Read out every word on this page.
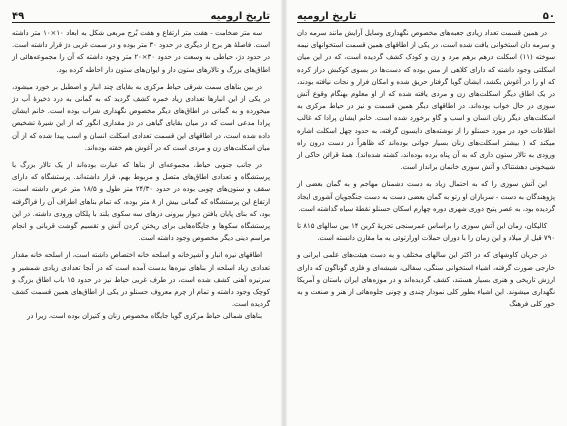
۴۹	تاریخ ارومیه

سه متر ضخامت - هفت متر ارتفاع و هفت بُرج مربعی شکل به ابعاد ۱۰×۱۰ متر داشته است. فاصلهٔ هر برج از دیگری در حدود ۳۰ متر بوده و در سمت غربی دژ قرار داشته است. در حدود دژ، حیاطی به وسعت در حدود ۳۰×۲۰ متر وجود داشته که آن را مجموعه‌هائی از اطاق‌های بزرگ و تالارهای ستون دار و ایوان‌های ستون دار احاطه کرده بود.

در بین بناهای سمت شرقی حیاط مرکزی به بقایای چند انبار و اصطبل بر خورد میشود، در یکی از این انبارها تعدادی زیاد خمره کشف گردید که به گمانی به درد ذخیرهٔ آب دژ میخورده و به گمانی در اطاق‌های دیگر مخصوص نگهداری شراب بوده است. خانم ایشان پرادا مدعی است که در میان بقایای گیاهی در دژ مقداری انگور که از این شیرهٔ تشخیص داده شده است، در اطاقهای این قسمت تعدادی اسکلت انسان و اسب پیدا شده که از آن میان اسکلت‌های زن و مردی است که در آغوش هم خفته بوده‌اند.

در جانب جنوبی حیاط، مجموعه‌ای از بناها که عبارت بوده‌اند از یک تالار بزرگ با پرستشگاه و تعدادی اطاق‌های متصل و مربوط بهم، قرار داشته‌اند. پرستشگاه که دارای سقف و ستون‌های چوبی بوده در حدود ۲۴/۳۰ متر طول و ۱۸/۵ متر عرض داشته است، ارتفاع این پرستشگاه که گمانی بیش از ۸ متر بوده، که تمام بناهای اطراف آن را فراگرفته بود، که بنای پایان یافتن دیوار بیرونی درهای سه سکوی بلند با پلکان ورودی داشته. در این پرستشگاه سکوها و جایگاه‌هایی برای ریختن کردن آتش و تقسیم گوشت قربانی و انجام مراسم دینی دیگر مخصوص وجود داشته است.

اطاقهای نیزه انبار و آشپزخانه و اسلحه خانه اختصاص داشته است، از اسلحه خانه مقدار تعدادی زیاد اسلحه از بناهای نیزه‌ها بدست آمده است که در آنجا تعدادی زیادی شمشیر و سرنیزه آهنی کشف شده است، در طرف غربی حیاط نیز در حدود ۱۵ باب اطاق بزرگ و کوچک وجود داشته و تمام از چرم معروف حسنلو در یکی از اطاق‌های همین قسمت کشف گردیده است.

بناهای شمالی حیاط مرکزی گویا جایگاه مخصوص زنان و کنیزان بوده است، زیرا در

تاریخ ارومیه	۵۰

در همین قسمت تعداد زیادی جعبه‌های مخصوص نگهداری وسایل آرایش مانند سرمه دان و سرمه دان استخوانی یافت شده است، در یکی از اطاقهای همین قسمت استخوانهای نیمه سوخته (۱۱) اسکلت درهم برهم مرد و زن و کودک کشف گردیده است، که در این میان اسکلتی وجود داشته که دارای کلاهی از مس بوده که دست‌ها در بسوی کوکبش دراز کرده که او را در آغوش بکشد، ایشان گویا گرفتار حریق شده و امکان فرار و نجات نیافته بودند، در یک اطاق دیگر اسکلت‌های زن و مردی یافته شده که از او معلوم بهنگام وقوع آتش سوزی در حال خواب بوده‌اند. در اطاقهای دیگر همین قسمت و نیز در حیاط مرکزی به اسکلت‌های دیگر زنان انسان و اسب و گاو برخورد شده است. خانم ایشان پرادا که غالب اطلاعات خود در مورد حسنلو را از نوشته‌های دایسون گرفته، به حدود چهل اسکلت اشاره میکند که ( بیشتر اسکلت‌های زنان بسیار جوانی بوده‌اند که ظاهراً در دست درون راه ورودی به تالار ستون داری که به آن پناه برده بوده‌اند، کشته شده‌اند). همهٔ قرائن حاکی از شیبخونی دهشتناک و آتش سوزی خانمان برانداز است.

این آتش سوزی را که به احتمال زیاد به دست دشمنان مهاجم و به گمان بعضی از پژوهندگان به دست - سربازان او رتو به گمان بعضی دست به دست جنگجویان آشوری ایجاد گردیده بود، به عصر پنیح دوری شهری دوره چهارم اسکان حسنلو نقطهٔ سیاه گذاشته است.

کالیکان، زمان این آتش سوزی را براساس عمرسنجی تجزیهٔ کربن ۱۴ بین سالهای ۸۱۵ تا ۷۹۰ قبل از میلاد و این زمان را با دوران حملات اورارتوئی به ما مقارن دانسته است.

در جریان کاوشهای که در اکثر این سالهای مختلف و به دست هیئت‌های علمی ایرانی و خارجی صورت گرفته، اشیاء استخوانی سنگی، سفالی، شیشه‌ای و فلزی گوناگون که دارای ارزش تاریخی و هنری بسیار هستند، کشف گردیده‌اند و در موزه‌های ایران باستان و آمریکا نگهداری میشوند. این اشیاء بطور کلی نمودار چندی و چونی جلوه‌هائی از هنر و صنعت و به خور کلی فرهنگ
